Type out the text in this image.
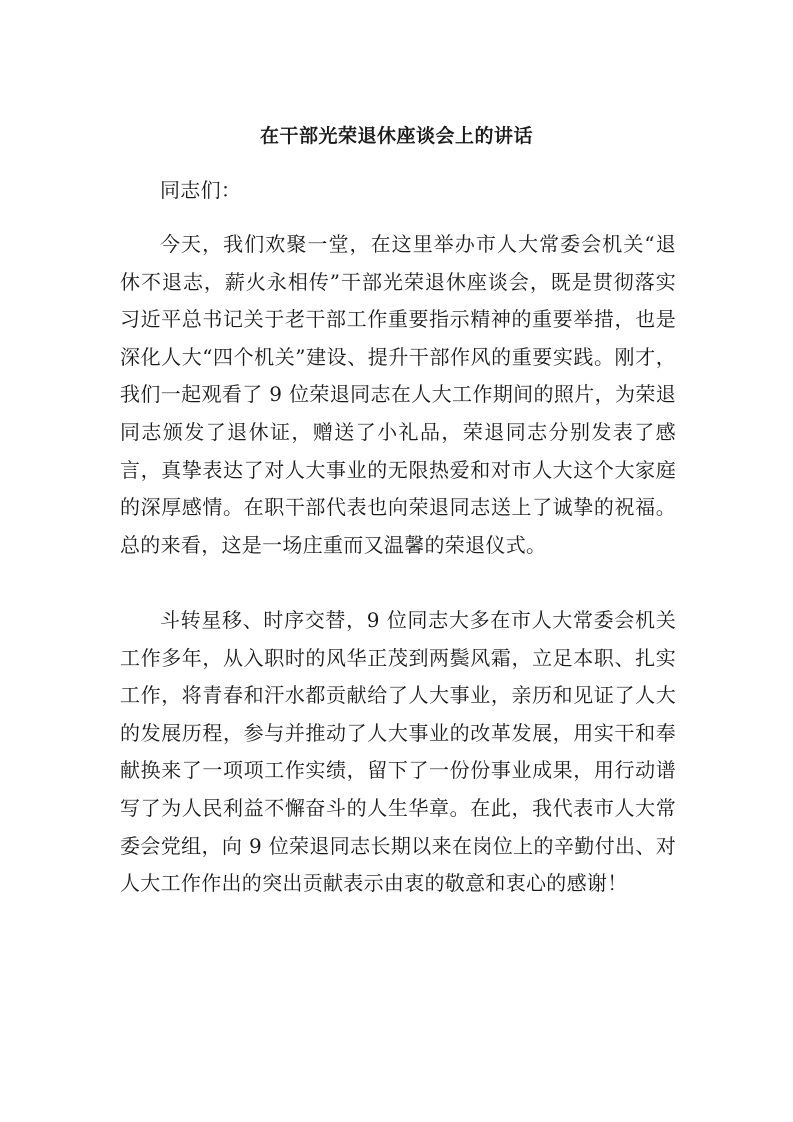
在干部光荣退休座谈会上的讲话
同志们：
今天，我们欢聚一堂，在这里举办市人大常委会机关“退休不退志，薪火永相传”干部光荣退休座谈会，既是贯彻落实习近平总书记关于老干部工作重要指示精神的重要举措，也是深化人大“四个机关”建设、提升干部作风的重要实践。刚才，我们一起观看了 9 位荣退同志在人大工作期间的照片，为荣退同志颁发了退休证，赠送了小礼品，荣退同志分别发表了感言，真挚表达了对人大事业的无限热爱和对市人大这个大家庭的深厚感情。在职干部代表也向荣退同志送上了诚挚的祝福。总的来看，这是一场庄重而又温馨的荣退仪式。
斗转星移、时序交替，9 位同志大多在市人大常委会机关工作多年，从入职时的风华正茂到两鬓风霜，立足本职、扎实工作，将青春和汗水都贡献给了人大事业，亲历和见证了人大的发展历程，参与并推动了人大事业的改革发展，用实干和奉献换来了一项项工作实绩，留下了一份份事业成果，用行动谱写了为人民利益不懈奋斗的人生华章。在此，我代表市人大常委会党组，向 9 位荣退同志长期以来在岗位上的辛勤付出、对人大工作作出的突出贡献表示由衷的敬意和衷心的感谢！
